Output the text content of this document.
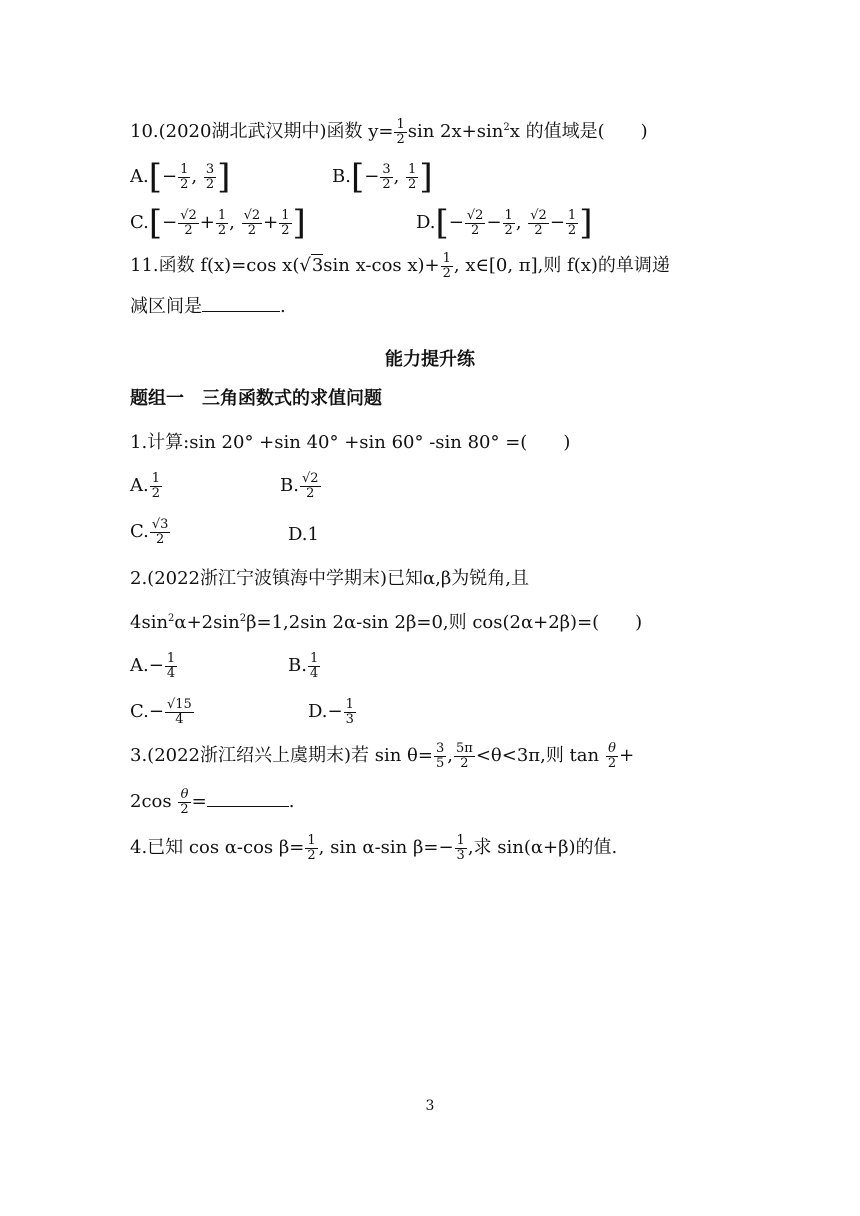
10.(2020湖北武汉期中)函数 $y= \frac{1}{2}$ $\sin 2x+\sin^2x$ 的值域是(　　)
$A.[- \frac{1}{2}$ , $\frac{3}{2}$ ]	$B.[- \frac{3}{2}$ , $\frac{1}{2}$ ]
$C.[- \frac{√2}{2} + \frac{1}{2}$ , $\frac{√2}{2} + \frac{1}{2}$ ]	$D.[- \frac{√2}{2} - \frac{1}{2}$ , $\frac{√2}{2} - \frac{1}{2}$ ]
11.函数 f(x)=cos x(√3sin x-cos $x)+ \frac{1}{2}$ , x∈[0, π],则 f(x)的单调递
减区间是	.
能力提升练
题组一　三角函数式的求值问题
1.计算:sin 20° +sin 40° +sin 60° -sin 80° =(　　)
A. $\frac{1}{2}$	B. $\frac{√2}{2}$
C. $\frac{√3}{2}$	D.1
2.(2022浙江宁波镇海中学期末)已知α,β为锐角,且
$4\sin^2\alpha+2\sin^2\beta=1,2\sin$ 2α-sin 2β=0,则 cos(2α+2β)=(　　)
$A.- \frac{1}{4}$	B. $\frac{1}{4}$
$C.- \frac{√15}{4}$	$D.- \frac{1}{3}$
3.(2022浙江绍兴上虞期末)若 $\sin \theta= \frac{3}{5}$ , $\frac{5\pi}{2} <\theta<3\pi$,则 $\tan \frac{\theta}{2}$ +
$2\cos \frac{\theta}{2}$ =	.
4.已知 cos α-cos $\beta= \frac{1}{2}$ , sin α-sin $\beta=- \frac{1}{3}$ ,求 sin(α+β)的值.
3
